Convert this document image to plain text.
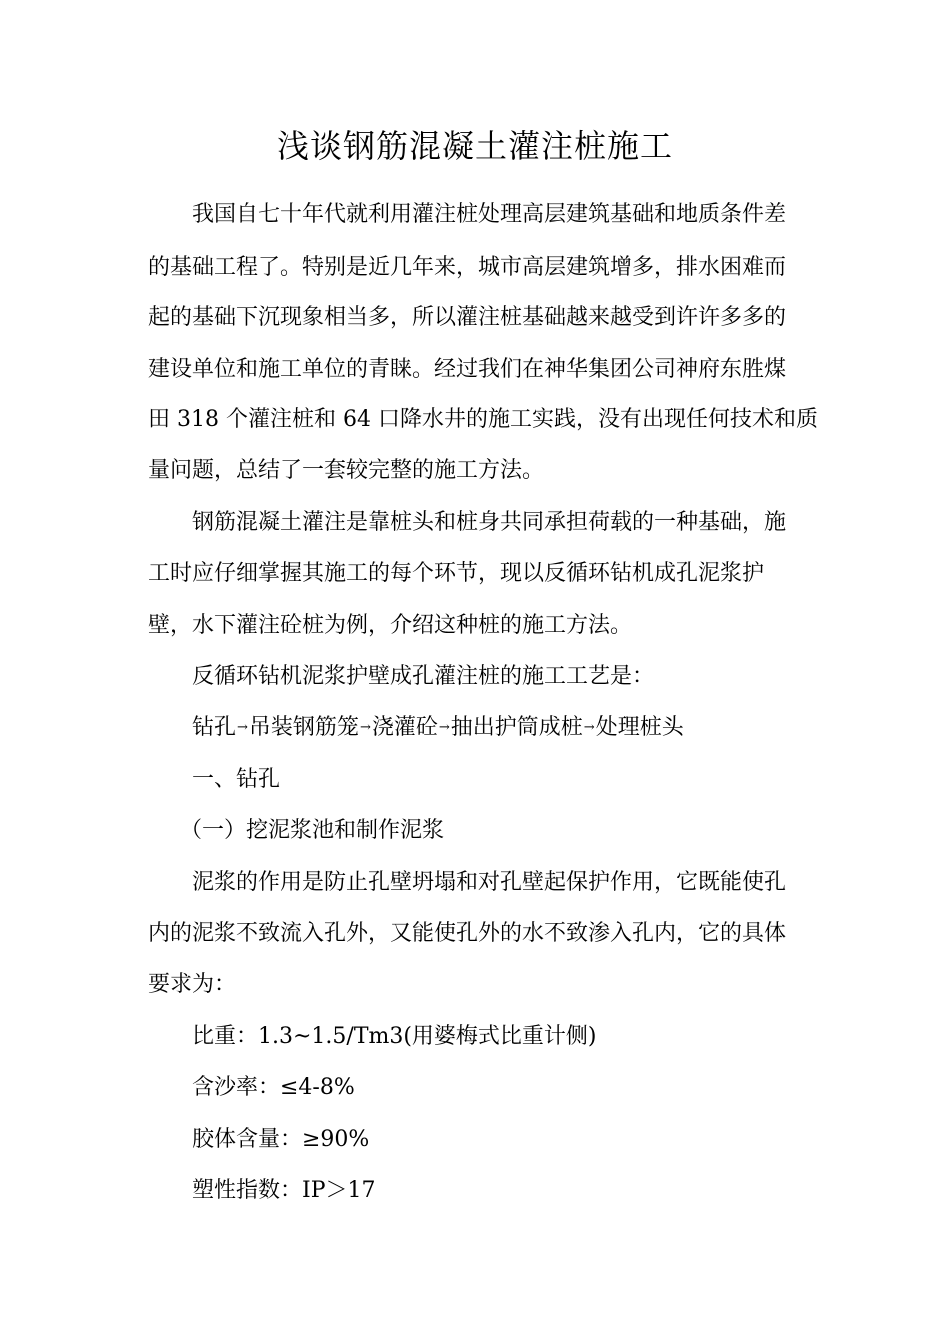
浅谈钢筋混凝土灌注桩施工

我国自七十年代就利用灌注桩处理高层建筑基础和地质条件差

的基础工程了。特别是近几年来，城市高层建筑增多，排水困难而

起的基础下沉现象相当多，所以灌注桩基础越来越受到许许多多的

建设单位和施工单位的青睐。经过我们在神华集团公司神府东胜煤

田 318 个灌注桩和 64 口降水井的施工实践，没有出现任何技术和质

量问题，总结了一套较完整的施工方法。

钢筋混凝土灌注是靠桩头和桩身共同承担荷载的一种基础，施

工时应仔细掌握其施工的每个环节，现以反循环钻机成孔泥浆护

壁，水下灌注砼桩为例，介绍这种桩的施工方法。

反循环钻机泥浆护壁成孔灌注桩的施工工艺是：

钻孔→吊装钢筋笼→浇灌砼→抽出护筒成桩→处理桩头

一、钻孔

（一）挖泥浆池和制作泥浆

泥浆的作用是防止孔壁坍塌和对孔壁起保护作用，它既能使孔

内的泥浆不致流入孔外，又能使孔外的水不致渗入孔内，它的具体

要求为：

比重：1.3~1.5/Tm3(用婆梅式比重计侧)

含沙率：≤4-8%

胶体含量：≥90%

塑性指数：IP＞17
